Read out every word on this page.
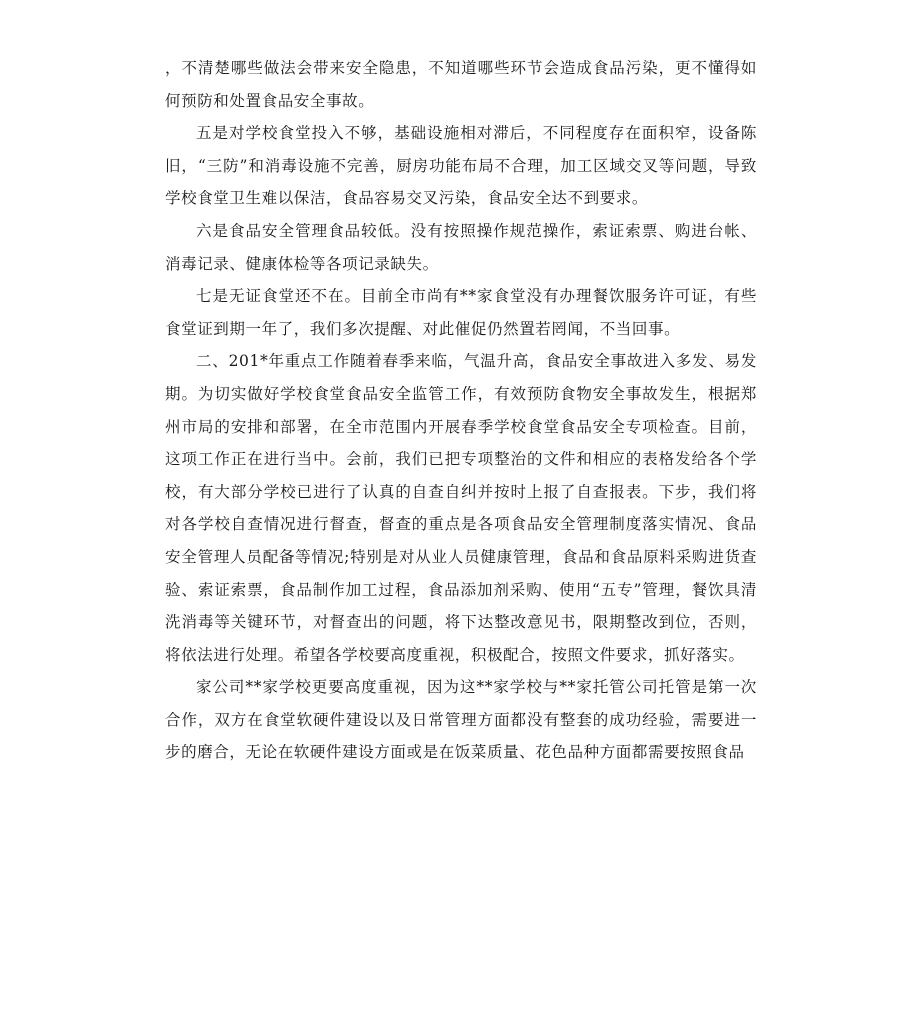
，不清楚哪些做法会带来安全隐患，不知道哪些环节会造成食品污染，更不懂得如何预防和处置食品安全事故。

五是对学校食堂投入不够，基础设施相对滞后，不同程度存在面积窄，设备陈旧，“三防”和消毒设施不完善，厨房功能布局不合理，加工区域交叉等问题，导致学校食堂卫生难以保洁，食品容易交叉污染，食品安全达不到要求。

六是食品安全管理食品较低。没有按照操作规范操作，索证索票、购进台帐、消毒记录、健康体检等各项记录缺失。

七是无证食堂还不在。目前全市尚有**家食堂没有办理餐饮服务许可证，有些食堂证到期一年了，我们多次提醒、对此催促仍然置若罔闻，不当回事。

二、201*年重点工作随着春季来临，气温升高，食品安全事故进入多发、易发期。为切实做好学校食堂食品安全监管工作，有效预防食物安全事故发生，根据郑州市局的安排和部署，在全市范围内开展春季学校食堂食品安全专项检查。目前，这项工作正在进行当中。会前，我们已把专项整治的文件和相应的表格发给各个学校，有大部分学校已进行了认真的自查自纠并按时上报了自查报表。下步，我们将对各学校自查情况进行督查，督查的重点是各项食品安全管理制度落实情况、食品安全管理人员配备等情况;特别是对从业人员健康管理，食品和食品原料采购进货查验、索证索票，食品制作加工过程，食品添加剂采购、使用“五专”管理，餐饮具清洗消毒等关键环节，对督查出的问题，将下达整改意见书，限期整改到位，否则，将依法进行处理。希望各学校要高度重视，积极配合，按照文件要求，抓好落实。

家公司**家学校更要高度重视，因为这**家学校与**家托管公司托管是第一次合作，双方在食堂软硬件建设以及日常管理方面都没有整套的成功经验，需要进一步的磨合，无论在软硬件建设方面或是在饭菜质量、花色品种方面都需要按照食品
